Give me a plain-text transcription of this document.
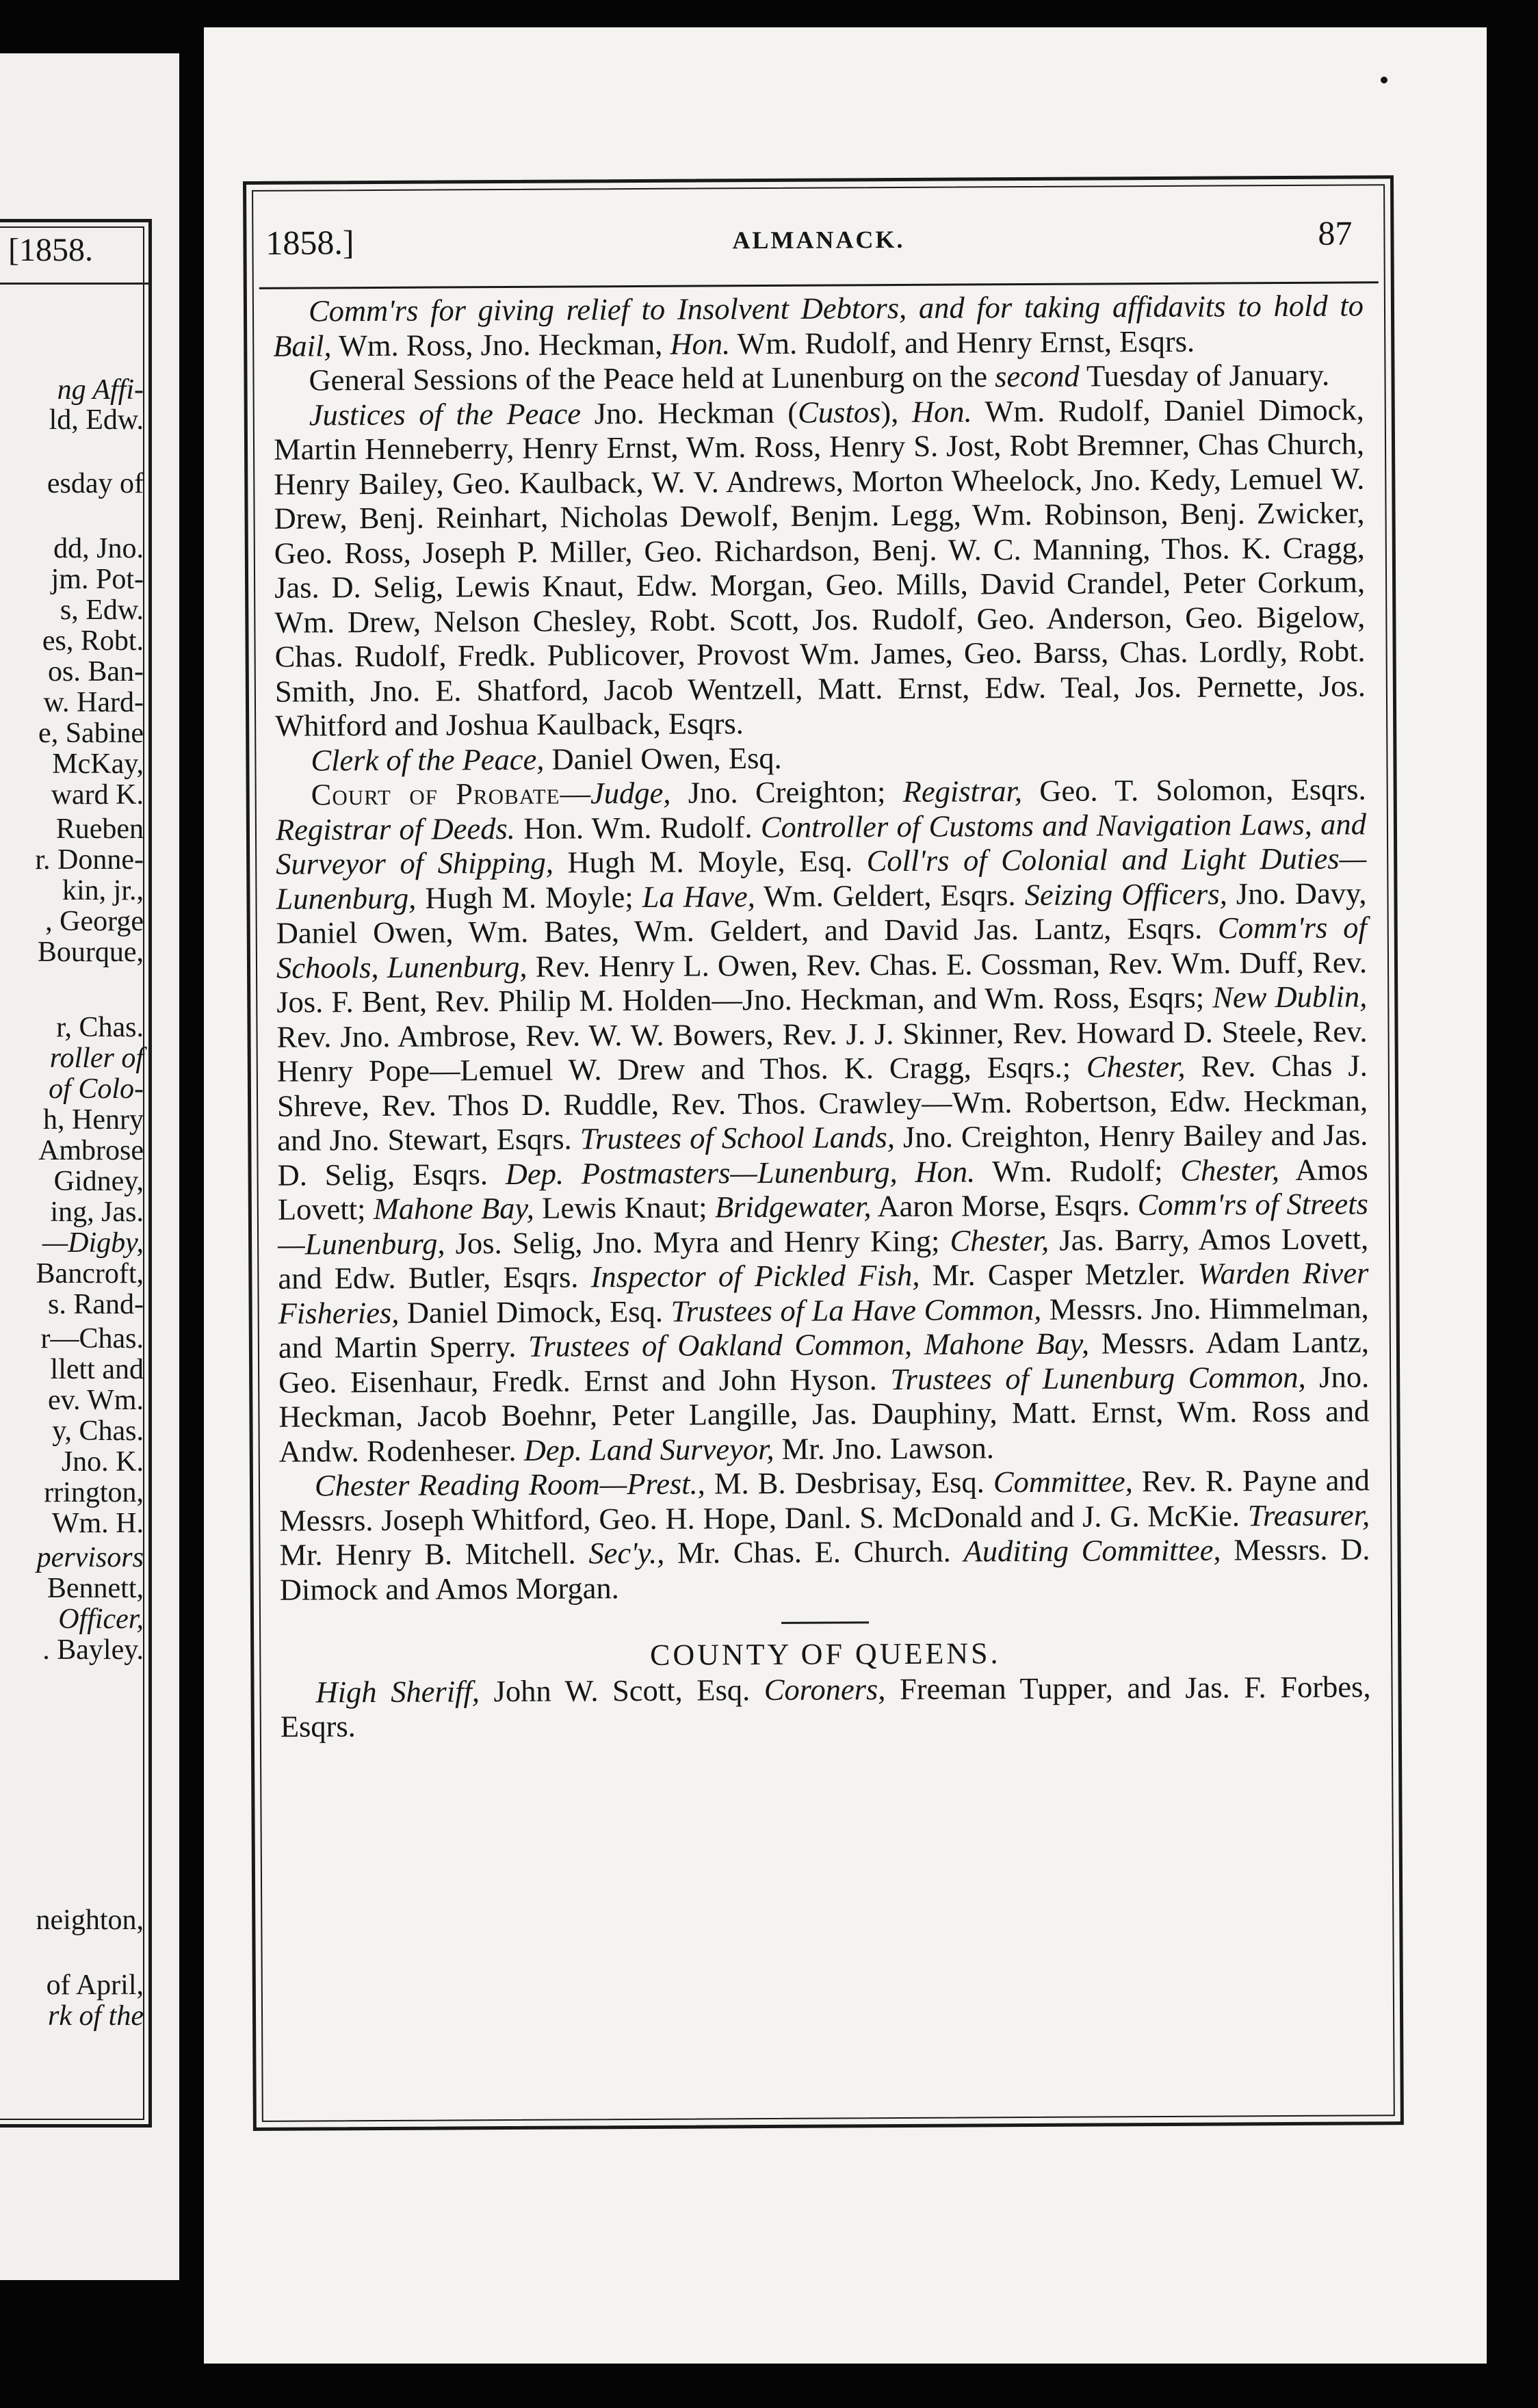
[1858.
ng Affi-
ld, Edw.
esday of
dd, Jno.
jm. Pot-
s, Edw.
es, Robt.
os. Ban-
w. Hard-
e, Sabine
McKay,
ward K.
Rueben
r. Donne-
kin, jr.,
, George
Bourque,
r, Chas.
roller of
of Colo-
h, Henry
Ambrose
Gidney,
ing, Jas.
—Digby,
Bancroft,
s. Rand-
r—Chas.
llett and
ev. Wm.
y, Chas.
Jno. K.
rrington,
Wm. H.
pervisors
Bennett,
Officer,
. Bayley.
neighton,
of April,
rk of the
1858.]	ALMANACK.	87

Comm'rs for giving relief to Insolvent Debtors, and for taking affidavits to hold to Bail, Wm. Ross, Jno. Heckman, Hon. Wm. Rudolf, and Henry Ernst, Esqrs.

General Sessions of the Peace held at Lunenburg on the second Tuesday of January.

Justices of the Peace Jno. Heckman (Custos), Hon. Wm. Rudolf, Daniel Dimock, Martin Henneberry, Henry Ernst, Wm. Ross, Henry S. Jost, Robt Bremner, Chas Church, Henry Bailey, Geo. Kaulback, W. V. Andrews, Morton Wheelock, Jno. Kedy, Lemuel W. Drew, Benj. Reinhart, Nicholas Dewolf, Benjm. Legg, Wm. Robinson, Benj. Zwicker, Geo. Ross, Joseph P. Miller, Geo. Richardson, Benj. W. C. Manning, Thos. K. Cragg, Jas. D. Selig, Lewis Knaut, Edw. Morgan, Geo. Mills, David Crandel, Peter Corkum, Wm. Drew, Nelson Chesley, Robt. Scott, Jos. Rudolf, Geo. Anderson, Geo. Bigelow, Chas. Rudolf, Fredk. Publicover, Provost Wm. James, Geo. Barss, Chas. Lordly, Robt. Smith, Jno. E. Shatford, Jacob Wentzell, Matt. Ernst, Edw. Teal, Jos. Pernette, Jos. Whitford and Joshua Kaulback, Esqrs.

Clerk of the Peace, Daniel Owen, Esq.

Court of Probate—Judge, Jno. Creighton; Registrar, Geo. T. Solomon, Esqrs. Registrar of Deeds. Hon. Wm. Rudolf. Controller of Customs and Navigation Laws, and Surveyor of Shipping, Hugh M. Moyle, Esq. Coll'rs of Colonial and Light Duties—Lunenburg, Hugh M. Moyle; La Have, Wm. Geldert, Esqrs. Seizing Officers, Jno. Davy, Daniel Owen, Wm. Bates, Wm. Geldert, and David Jas. Lantz, Esqrs. Comm'rs of Schools, Lunenburg, Rev. Henry L. Owen, Rev. Chas. E. Cossman, Rev. Wm. Duff, Rev. Jos. F. Bent, Rev. Philip M. Holden—Jno. Heckman, and Wm. Ross, Esqrs; New Dublin, Rev. Jno. Ambrose, Rev. W. W. Bowers, Rev. J. J. Skinner, Rev. Howard D. Steele, Rev. Henry Pope—Lemuel W. Drew and Thos. K. Cragg, Esqrs.; Chester, Rev. Chas J. Shreve, Rev. Thos D. Ruddle, Rev. Thos. Crawley—Wm. Robertson, Edw. Heckman, and Jno. Stewart, Esqrs. Trustees of School Lands, Jno. Creighton, Henry Bailey and Jas. D. Selig, Esqrs. Dep. Postmasters—Lunenburg, Hon. Wm. Rudolf; Chester, Amos Lovett; Mahone Bay, Lewis Knaut; Bridgewater, Aaron Morse, Esqrs. Comm'rs of Streets—Lunenburg, Jos. Selig, Jno. Myra and Henry King; Chester, Jas. Barry, Amos Lovett, and Edw. Butler, Esqrs. Inspector of Pickled Fish, Mr. Casper Metzler. Warden River Fisheries, Daniel Dimock, Esq. Trustees of La Have Common, Messrs. Jno. Himmelman, and Martin Sperry. Trustees of Oakland Common, Mahone Bay, Messrs. Adam Lantz, Geo. Eisenhaur, Fredk. Ernst and John Hyson. Trustees of Lunenburg Common, Jno. Heckman, Jacob Boehnr, Peter Langille, Jas. Dauphiny, Matt. Ernst, Wm. Ross and Andw. Rodenheser. Dep. Land Surveyor, Mr. Jno. Lawson.

Chester Reading Room—Prest., M. B. Desbrisay, Esq. Committee, Rev. R. Payne and Messrs. Joseph Whitford, Geo. H. Hope, Danl. S. McDonald and J. G. McKie. Treasurer, Mr. Henry B. Mitchell. Sec'y., Mr. Chas. E. Church. Auditing Committee, Messrs. D. Dimock and Amos Morgan.

COUNTY OF QUEENS.

High Sheriff, John W. Scott, Esq. Coroners, Freeman Tupper, and Jas. F. Forbes, Esqrs.
